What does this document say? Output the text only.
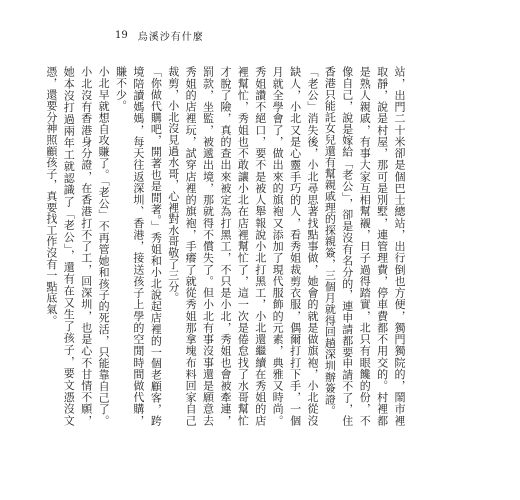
19 烏溪沙有什麼

站，出門二十米卻是個巴士總站，出行倒也方便，獨門獨院的，鬧市裡取靜，說是村屋，那可是別墅，連管理費，停車費都不用交的。村裡都是熟人親戚，有事大家互相幫襯，日子過得踏實，北只有眼饞的份，不像自己，說是嫁給「老公」，卻是沒有名分的，連申請都要申請不了，住香港只能託女兒還有幫親戚理的探親簽，三個月就得回趟深圳辦簽證。

「老公」消失後，小北尋思著找點事做，她會的就是做旗袍，小北從沒缺人，小北又是心靈手巧的人，看秀姐裁剪衣服，偶爾打打下手，一個月就全學會了，做出來的旗袍又添加了現代服飾的元素，典雅又時尚。秀姐讚不絕口，要不是被人舉報說小北打黑工，小北還繼續在秀姐的店裡幫忙，秀姐也不敢讓小北在店裡幫忙了，這一次是倦怠找了水哥幫忙才脫了險，真的查出來被定為打黑工，不只是小北，秀姐也會被牽連，罰款，坐監，被遞出境，那就得不償失了。但小北有事沒事還是願意去秀姐的店裡玩，試穿店裡的旗袍，手癢了就從秀姐那拿塊布料回家自己裁剪，小北沒見過水哥，心裡對水哥敬了三分。

「你做代購吧，開著也是閒著。」秀姐和小北說起店裡的一個老顧客，跨境陪讀媽媽，每天往返深圳、香港，接送孩子上學的空閒時間做代購，賺不少。

小北早就想自攻賺了。「老公」不再管她和孩子的死活，只能靠自己了。小北沒有香港身分證，在香港打不了工，回深圳，也是心不甘情不願，她本沒打過兩年工就認識了「老公」，還有在又生了孩子，要文憑沒文憑，還要分神照顧孩子，真要找工作沒有一點底氣。
